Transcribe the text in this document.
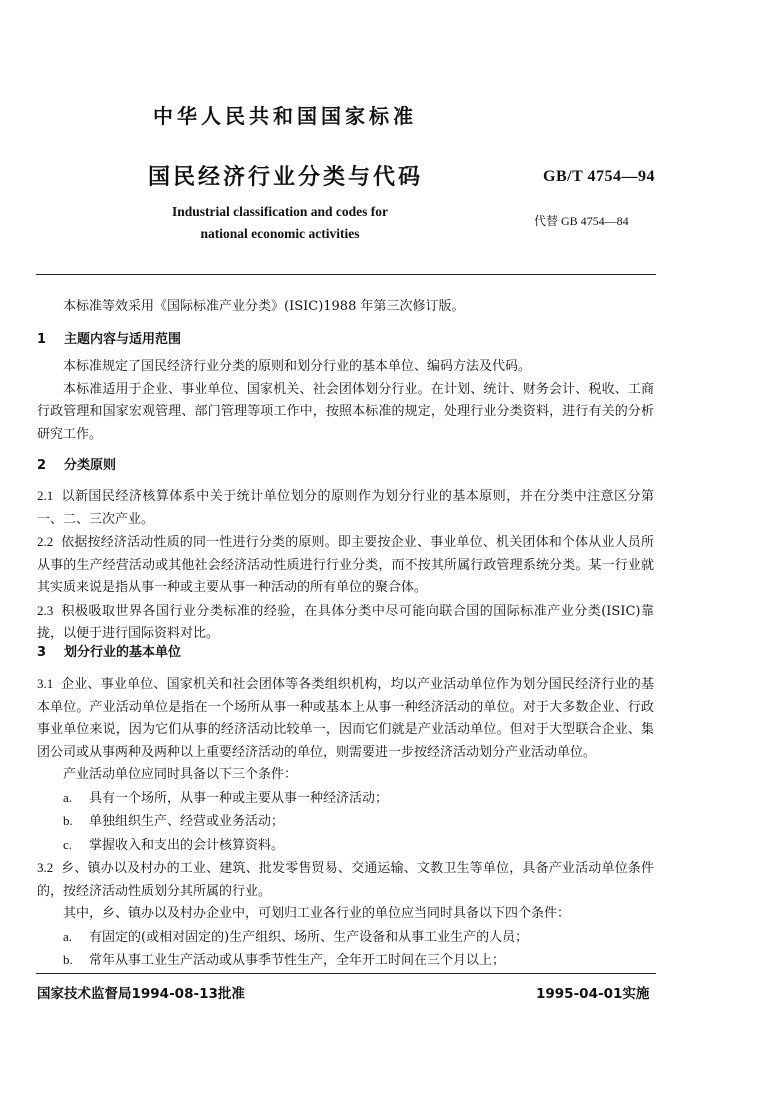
中华人民共和国国家标准
国民经济行业分类与代码	GB/T 4754—94
Industrial classification and codes for
national economic activities
代替 GB 4754—84

本标准等效采用《国际标准产业分类》(ISIC)1988 年第三次修订版。

1 主题内容与适用范围

本标准规定了国民经济行业分类的原则和划分行业的基本单位、编码方法及代码。

本标准适用于企业、事业单位、国家机关、社会团体划分行业。在计划、统计、财务会计、税收、工商行政管理和国家宏观管理、部门管理等项工作中，按照本标准的规定，处理行业分类资料，进行有关的分析研究工作。

2 分类原则

2.1 以新国民经济核算体系中关于统计单位划分的原则作为划分行业的基本原则，并在分类中注意区分第一、二、三次产业。

2.2 依据按经济活动性质的同一性进行分类的原则。即主要按企业、事业单位、机关团体和个体从业人员所从事的生产经营活动或其他社会经济活动性质进行行业分类，而不按其所属行政管理系统分类。某一行业就其实质来说是指从事一种或主要从事一种活动的所有单位的聚合体。

2.3 积极吸取世界各国行业分类标准的经验，在具体分类中尽可能向联合国的国际标准产业分类(ISIC)靠拢，以便于进行国际资料对比。

3 划分行业的基本单位

3.1 企业、事业单位、国家机关和社会团体等各类组织机构，均以产业活动单位作为划分国民经济行业的基本单位。产业活动单位是指在一个场所从事一种或基本上从事一种经济活动的单位。对于大多数企业、行政事业单位来说，因为它们从事的经济活动比较单一，因而它们就是产业活动单位。但对于大型联合企业、集团公司或从事两种及两种以上重要经济活动的单位，则需要进一步按经济活动划分产业活动单位。

产业活动单位应同时具备以下三个条件：

a. 具有一个场所，从事一种或主要从事一种经济活动；

b. 单独组织生产、经营或业务活动；

c. 掌握收入和支出的会计核算资料。

3.2 乡、镇办以及村办的工业、建筑、批发零售贸易、交通运输、文教卫生等单位，具备产业活动单位条件的，按经济活动性质划分其所属的行业。

其中，乡、镇办以及村办企业中，可划归工业各行业的单位应当同时具备以下四个条件：

a. 有固定的(或相对固定的)生产组织、场所、生产设备和从事工业生产的人员；

b. 常年从事工业生产活动或从事季节性生产，全年开工时间在三个月以上；

国家技术监督局1994-08-13批准	1995-04-01实施
